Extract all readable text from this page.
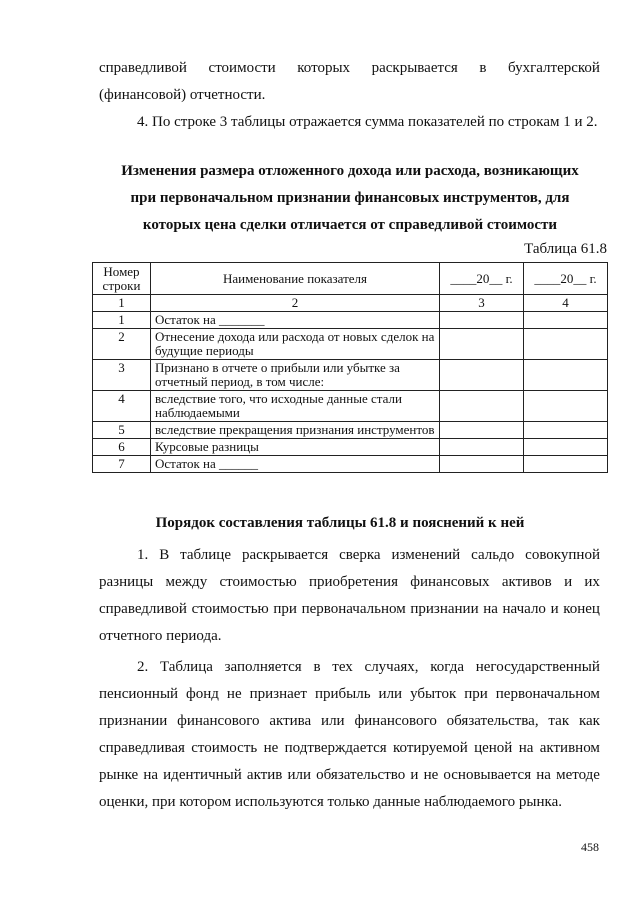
справедливой стоимости которых раскрывается в бухгалтерской
(финансовой) отчетности.
4. По строке 3 таблицы отражается сумма показателей по строкам 1 и 2.
Изменения размера отложенного дохода или расхода, возникающих
при первоначальном признании финансовых инструментов, для
которых цена сделки отличается от справедливой стоимости
Таблица 61.8
Номер строки	Наименование показателя	____20__ г.	____20__ г.
1	2	3	4
1	Остаток на _______		
2	Отнесение дохода или расхода от новых сделок на будущие периоды		
3	Признано в отчете о прибыли или убытке за отчетный период, в том числе:		
4	вследствие того, что исходные данные стали наблюдаемыми		
5	вследствие прекращения признания инструментов		
6	Курсовые разницы		
7	Остаток на ______		
Порядок составления таблицы 61.8 и пояснений к ней
1. В таблице раскрывается сверка изменений сальдо совокупной
разницы между стоимостью приобретения финансовых активов и их
справедливой стоимостью при первоначальном признании на начало и конец
отчетного периода.
2. Таблица заполняется в тех случаях, когда негосударственный
пенсионный фонд не признает прибыль или убыток при первоначальном
признании финансового актива или финансового обязательства, так как
справедливая стоимость не подтверждается котируемой ценой на активном
рынке на идентичный актив или обязательство и не основывается на методе
оценки, при котором используются только данные наблюдаемого рынка.
458
